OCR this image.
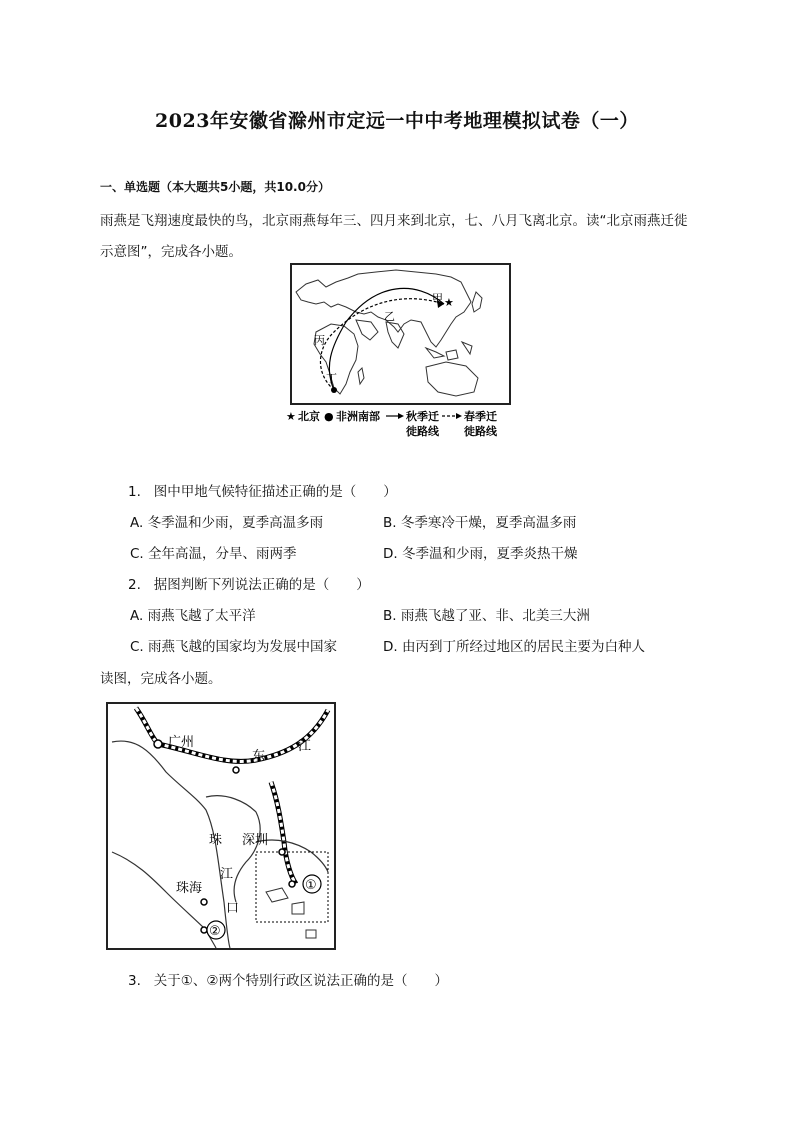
2023年安徽省滁州市定远一中中考地理模拟试卷（一）
一、单选题（本大题共5小题，共10.0分）
雨燕是飞翔速度最快的鸟，北京雨燕每年三、四月来到北京，七、八月飞离北京。读“北京雨燕迁徙示意图”，完成各小题。
★
甲
丙
乙
丁
★ 北京 ● 非洲南部 秋季迁
徙路线
春季迁
徙路线
1. 图中甲地气候特征描述正确的是（　　）
A. 冬季温和少雨，夏季高温多雨	B. 冬季寒冷干燥，夏季高温多雨
C. 全年高温，分旱、雨两季	D. 冬季温和少雨，夏季炎热干燥
2. 据图判断下列说法正确的是（　　）
A. 雨燕飞越了太平洋	B. 雨燕飞越了亚、非、北美三大洲
C. 雨燕飞越的国家均为发展中国家	D. 由丙到丁所经过地区的居民主要为白种人
读图，完成各小题。
广州
东
江
珠
江
口
深圳
珠海	①
②
3. 关于①、②两个特别行政区说法正确的是（　　）
